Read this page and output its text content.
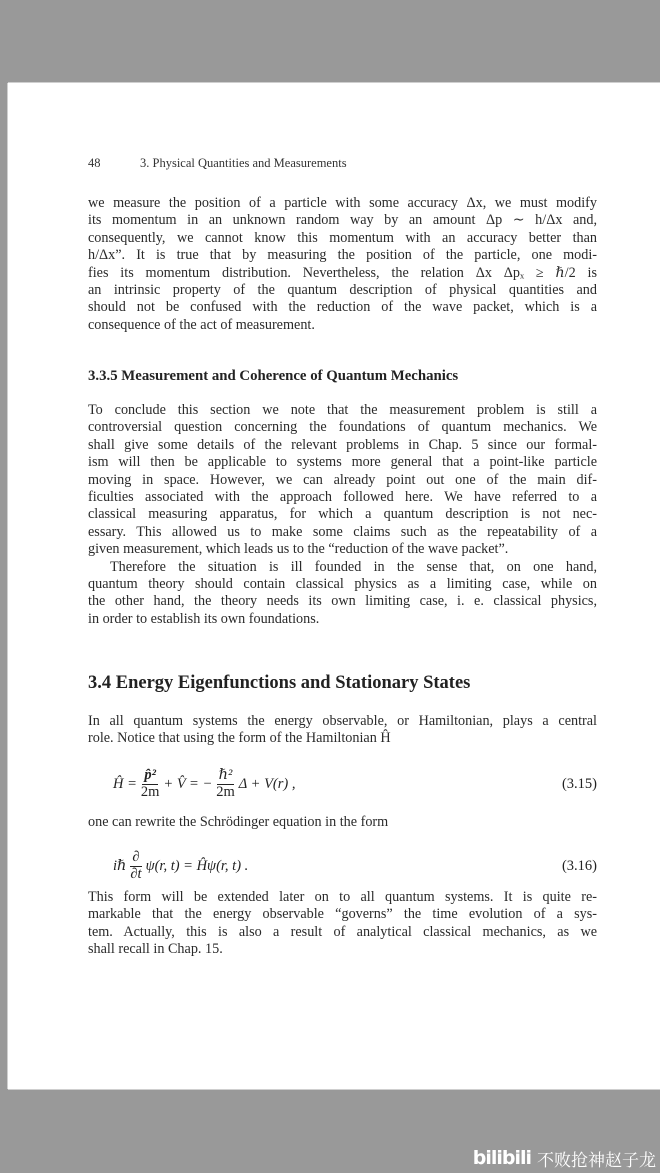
48	3. Physical Quantities and Measurements
we measure the position of a particle with some accuracy Δx, we must modify
its momentum in an unknown random way by an amount Δp ∼ h/Δx and,
consequently, we cannot know this momentum with an accuracy better than
h/Δx”. It is true that by measuring the position of the particle, one modi-
fies its momentum distribution. Nevertheless, the relation Δx Δpₓ ≥ ℏ/2 is
an intrinsic property of the quantum description of physical quantities and
should not be confused with the reduction of the wave packet, which is a
consequence of the act of measurement.
3.3.5 Measurement and Coherence of Quantum Mechanics
To conclude this section we note that the measurement problem is still a
controversial question concerning the foundations of quantum mechanics. We
shall give some details of the relevant problems in Chap. 5 since our formal-
ism will then be applicable to systems more general that a point-like particle
moving in space. However, we can already point out one of the main dif-
ficulties associated with the approach followed here. We have referred to a
classical measuring apparatus, for which a quantum description is not nec-
essary. This allowed us to make some claims such as the repeatability of a
given measurement, which leads us to the “reduction of the wave packet”.
Therefore the situation is ill founded in the sense that, on one hand,
quantum theory should contain classical physics as a limiting case, while on
the other hand, the theory needs its own limiting case, i. e. classical physics,
in order to establish its own foundations.
3.4 Energy Eigenfunctions and Stationary States
In all quantum systems the energy observable, or Hamiltonian, plays a central
role. Notice that using the form of the Hamiltonian Ĥ
Ĥ = $\frac{\text{p̂²}}{2m}$ + V̂ = − $\frac{\text{ℏ²}}{2m}$ Δ + V(r) ,	(3.15)
one can rewrite the Schrödinger equation in the form
iℏ $\frac{\partial}{\partial t} \psi(r$, t) = Ĥψ(r, t) .	(3.16)
This form will be extended later on to all quantum systems. It is quite re-
markable that the energy observable “governs” the time evolution of a sys-
tem. Actually, this is also a result of analytical classical mechanics, as we
shall recall in Chap. 15.
bilibili 不败抢神赵子龙
